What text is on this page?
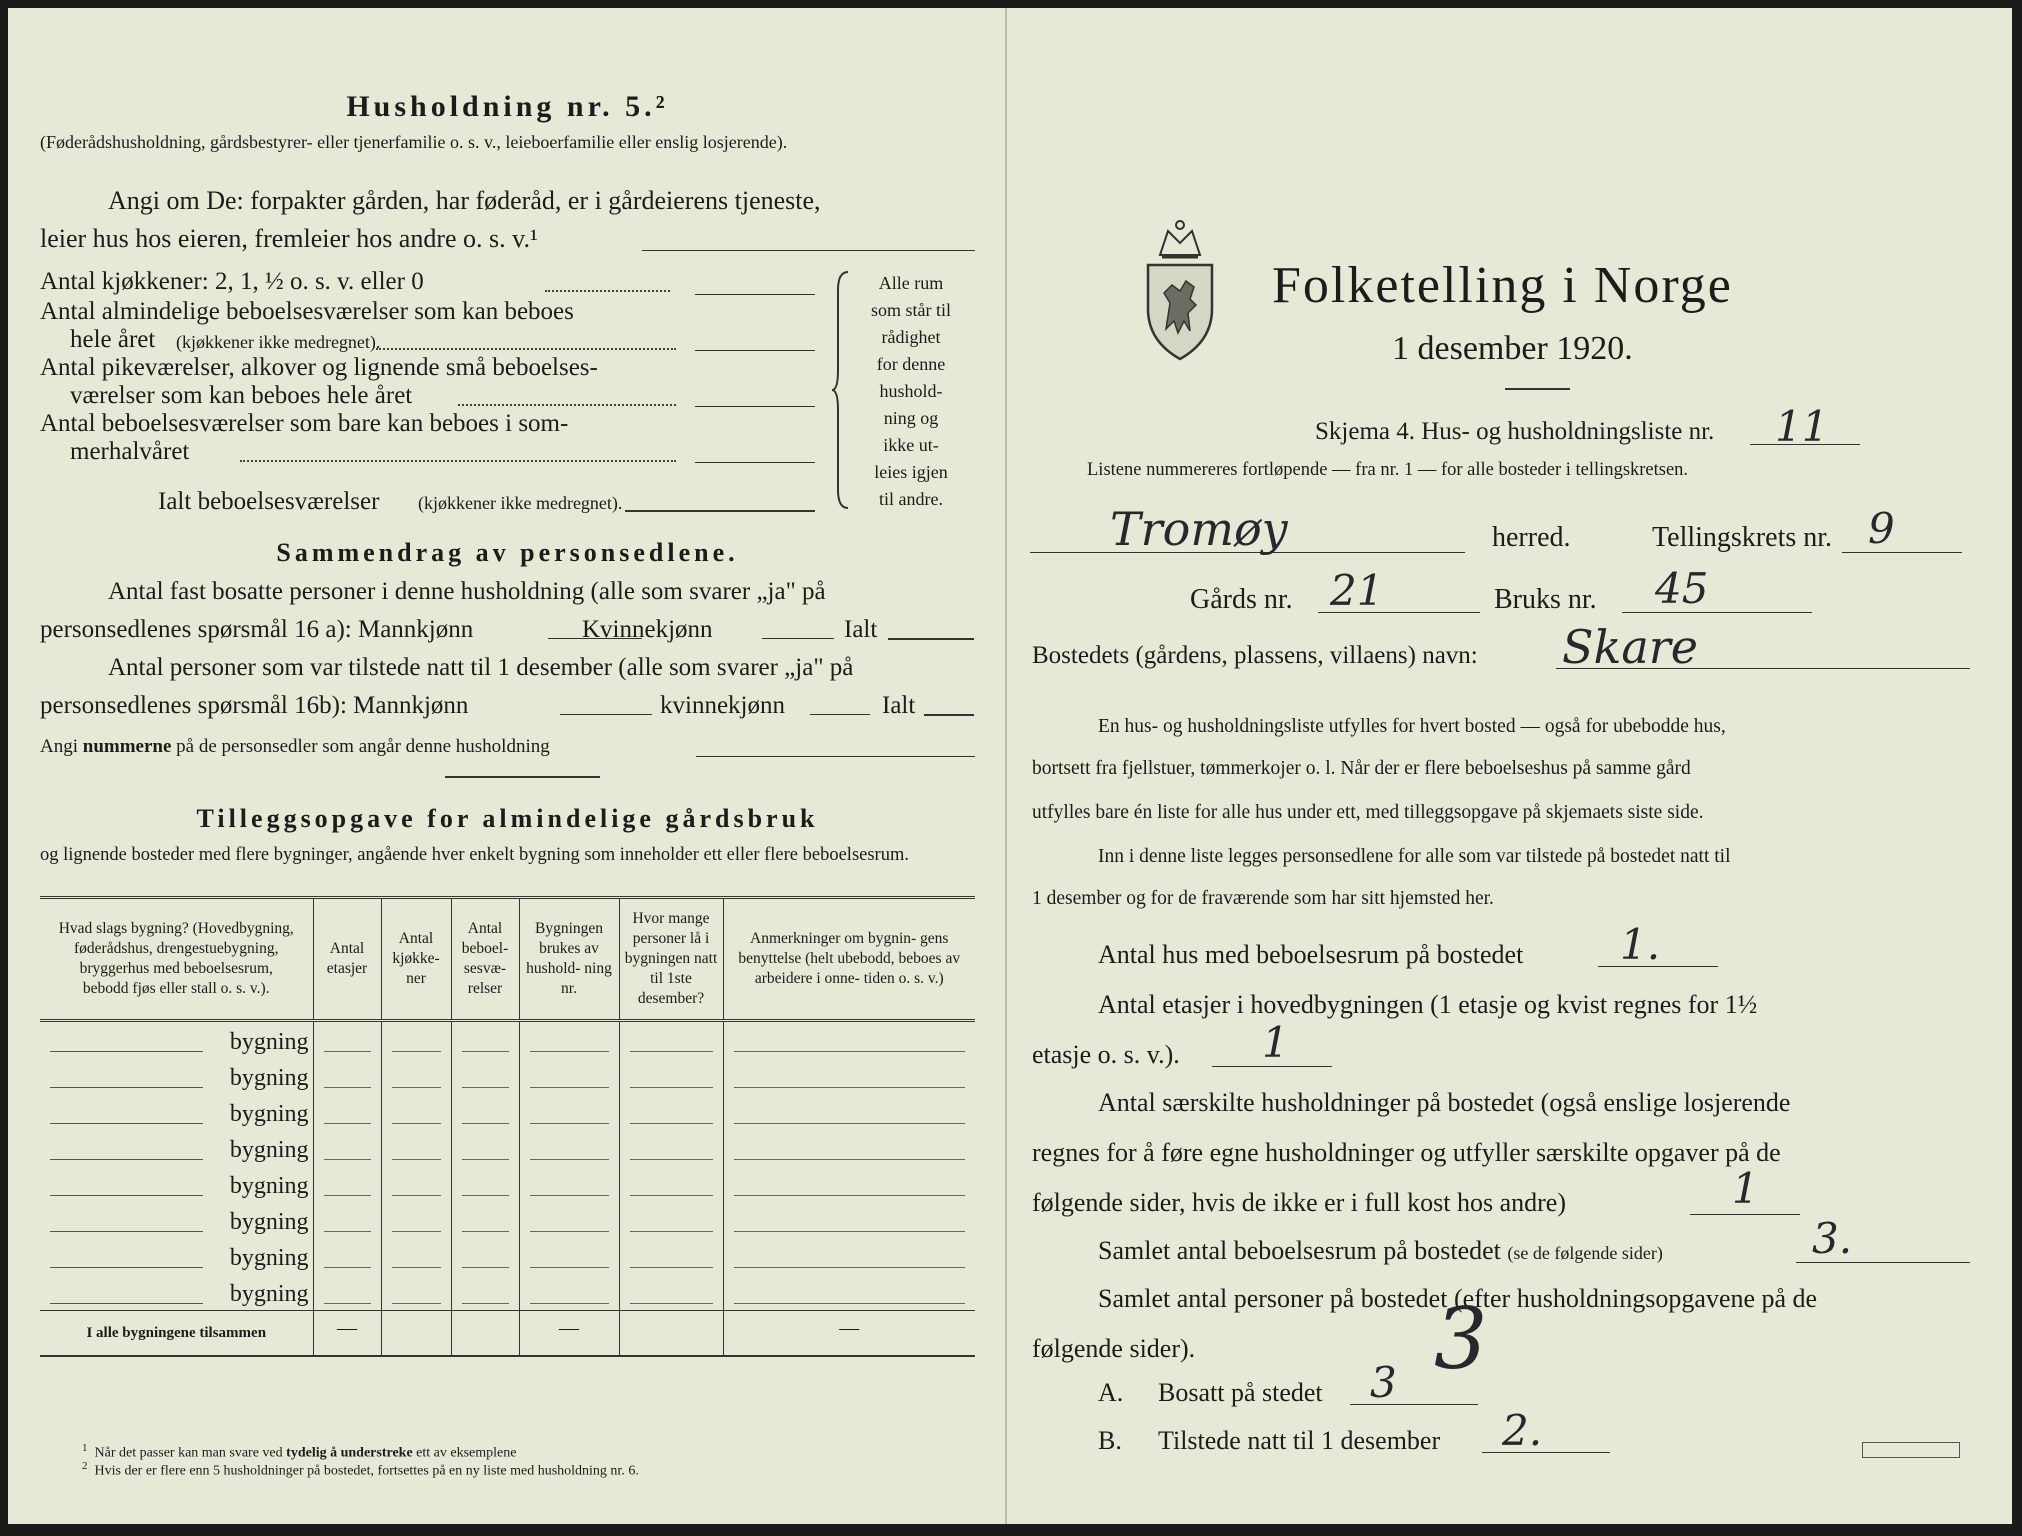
Husholdning nr. 5.²
(Føderådshusholdning, gårdsbestyrer- eller tjenerfamilie o. s. v., leieboerfamilie eller enslig losjerende).
Angi om De: forpakter gården, har føderåd, er i gårdeierens tjeneste,
leier hus hos eieren, fremleier hos andre o. s. v.¹
Antal kjøkkener: 2, 1, ½ o. s. v. eller 0
Antal almindelige beboelsesværelser som kan beboes
hele året (kjøkkener ikke medregnet).
Antal pikeværelser, alkover og lignende små beboelses-
værelser som kan beboes hele året
Antal beboelsesværelser som bare kan beboes i som-
merhalvåret
Ialt beboelsesværelser (kjøkkener ikke medregnet).
Alle rum
som står til
rådighet
for denne
hushold-
ning og
ikke ut-
leies igjen
til andre.
Sammendrag av personsedlene.
Antal fast bosatte personer i denne husholdning (alle som svarer „ja" på
personsedlenes spørsmål 16 a): Mannkjønn	Kvinnekjønn	Ialt
Antal personer som var tilstede natt til 1 desember (alle som svarer „ja" på
personsedlenes spørsmål 16b): Mannkjønn	kvinnekjønn	Ialt
Angi nummerne på de personsedler som angår denne husholdning
Tilleggsopgave for almindelige gårdsbruk
og lignende bosteder med flere bygninger, angående hver enkelt bygning som inneholder ett eller flere beboelsesrum.
Hvad slags bygning? (Hovedbygning, føderådshus, drengestuebygning, bryggerhus med beboelsesrum, bebodd fjøs eller stall o. s. v.).	Antal etasjer	Antal kjøkke- ner	Antal beboel- sesvæ- relser	Bygningen brukes av hushold- ning nr.	Hvor mange personer lå i bygningen natt til 1ste desember?	Anmerkninger om bygnin- gens benyttelse (helt ubebodd, beboes av arbeidere i onne- tiden o. s. v.)

bygning						

bygning						

bygning						

bygning						

bygning						

bygning						

bygning						

bygning						

I alle bygningene tilsammen	—			—		—
$^1$ Når det passer kan man svare ved tydelig å understreke ett av eksemplene
$^2$ Hvis der er flere enn 5 husholdninger på bostedet, fortsettes på en ny liste med husholdning nr. 6.
Folketelling i Norge
1 desember 1920.
Skjema 4. Hus- og husholdningsliste nr. 11
Listene nummereres fortløpende — fra nr. 1 — for alle bosteder i tellingskretsen.
Tromøy	herred.	Tellingskrets nr. 9
Gårds nr. 21	Bruks nr. 45
Bostedets (gårdens, plassens, villaens) navn: Skare
En hus- og husholdningsliste utfylles for hvert bosted — også for ubebodde hus,
bortsett fra fjellstuer, tømmerkojer o. l. Når der er flere beboelseshus på samme gård
utfylles bare én liste for alle hus under ett, med tilleggsopgave på skjemaets siste side.
Inn i denne liste legges personsedlene for alle som var tilstede på bostedet natt til
1 desember og for de fraværende som har sitt hjemsted her.
Antal hus med beboelsesrum på bostedet 1.
Antal etasjer i hovedbygningen (1 etasje og kvist regnes for 1½
etasje o. s. v.). 1
Antal særskilte husholdninger på bostedet (også enslige losjerende
regnes for å føre egne husholdninger og utfyller særskilte opgaver på de
følgende sider, hvis de ikke er i full kost hos andre)	1
Samlet antal beboelsesrum på bostedet (se de følgende sider)	3.
Samlet antal personer på bostedet (efter husholdningsopgavene på de
følgende sider).	3
A. Bosatt på stedet 3
B. Tilstede natt til 1 desember 2.
